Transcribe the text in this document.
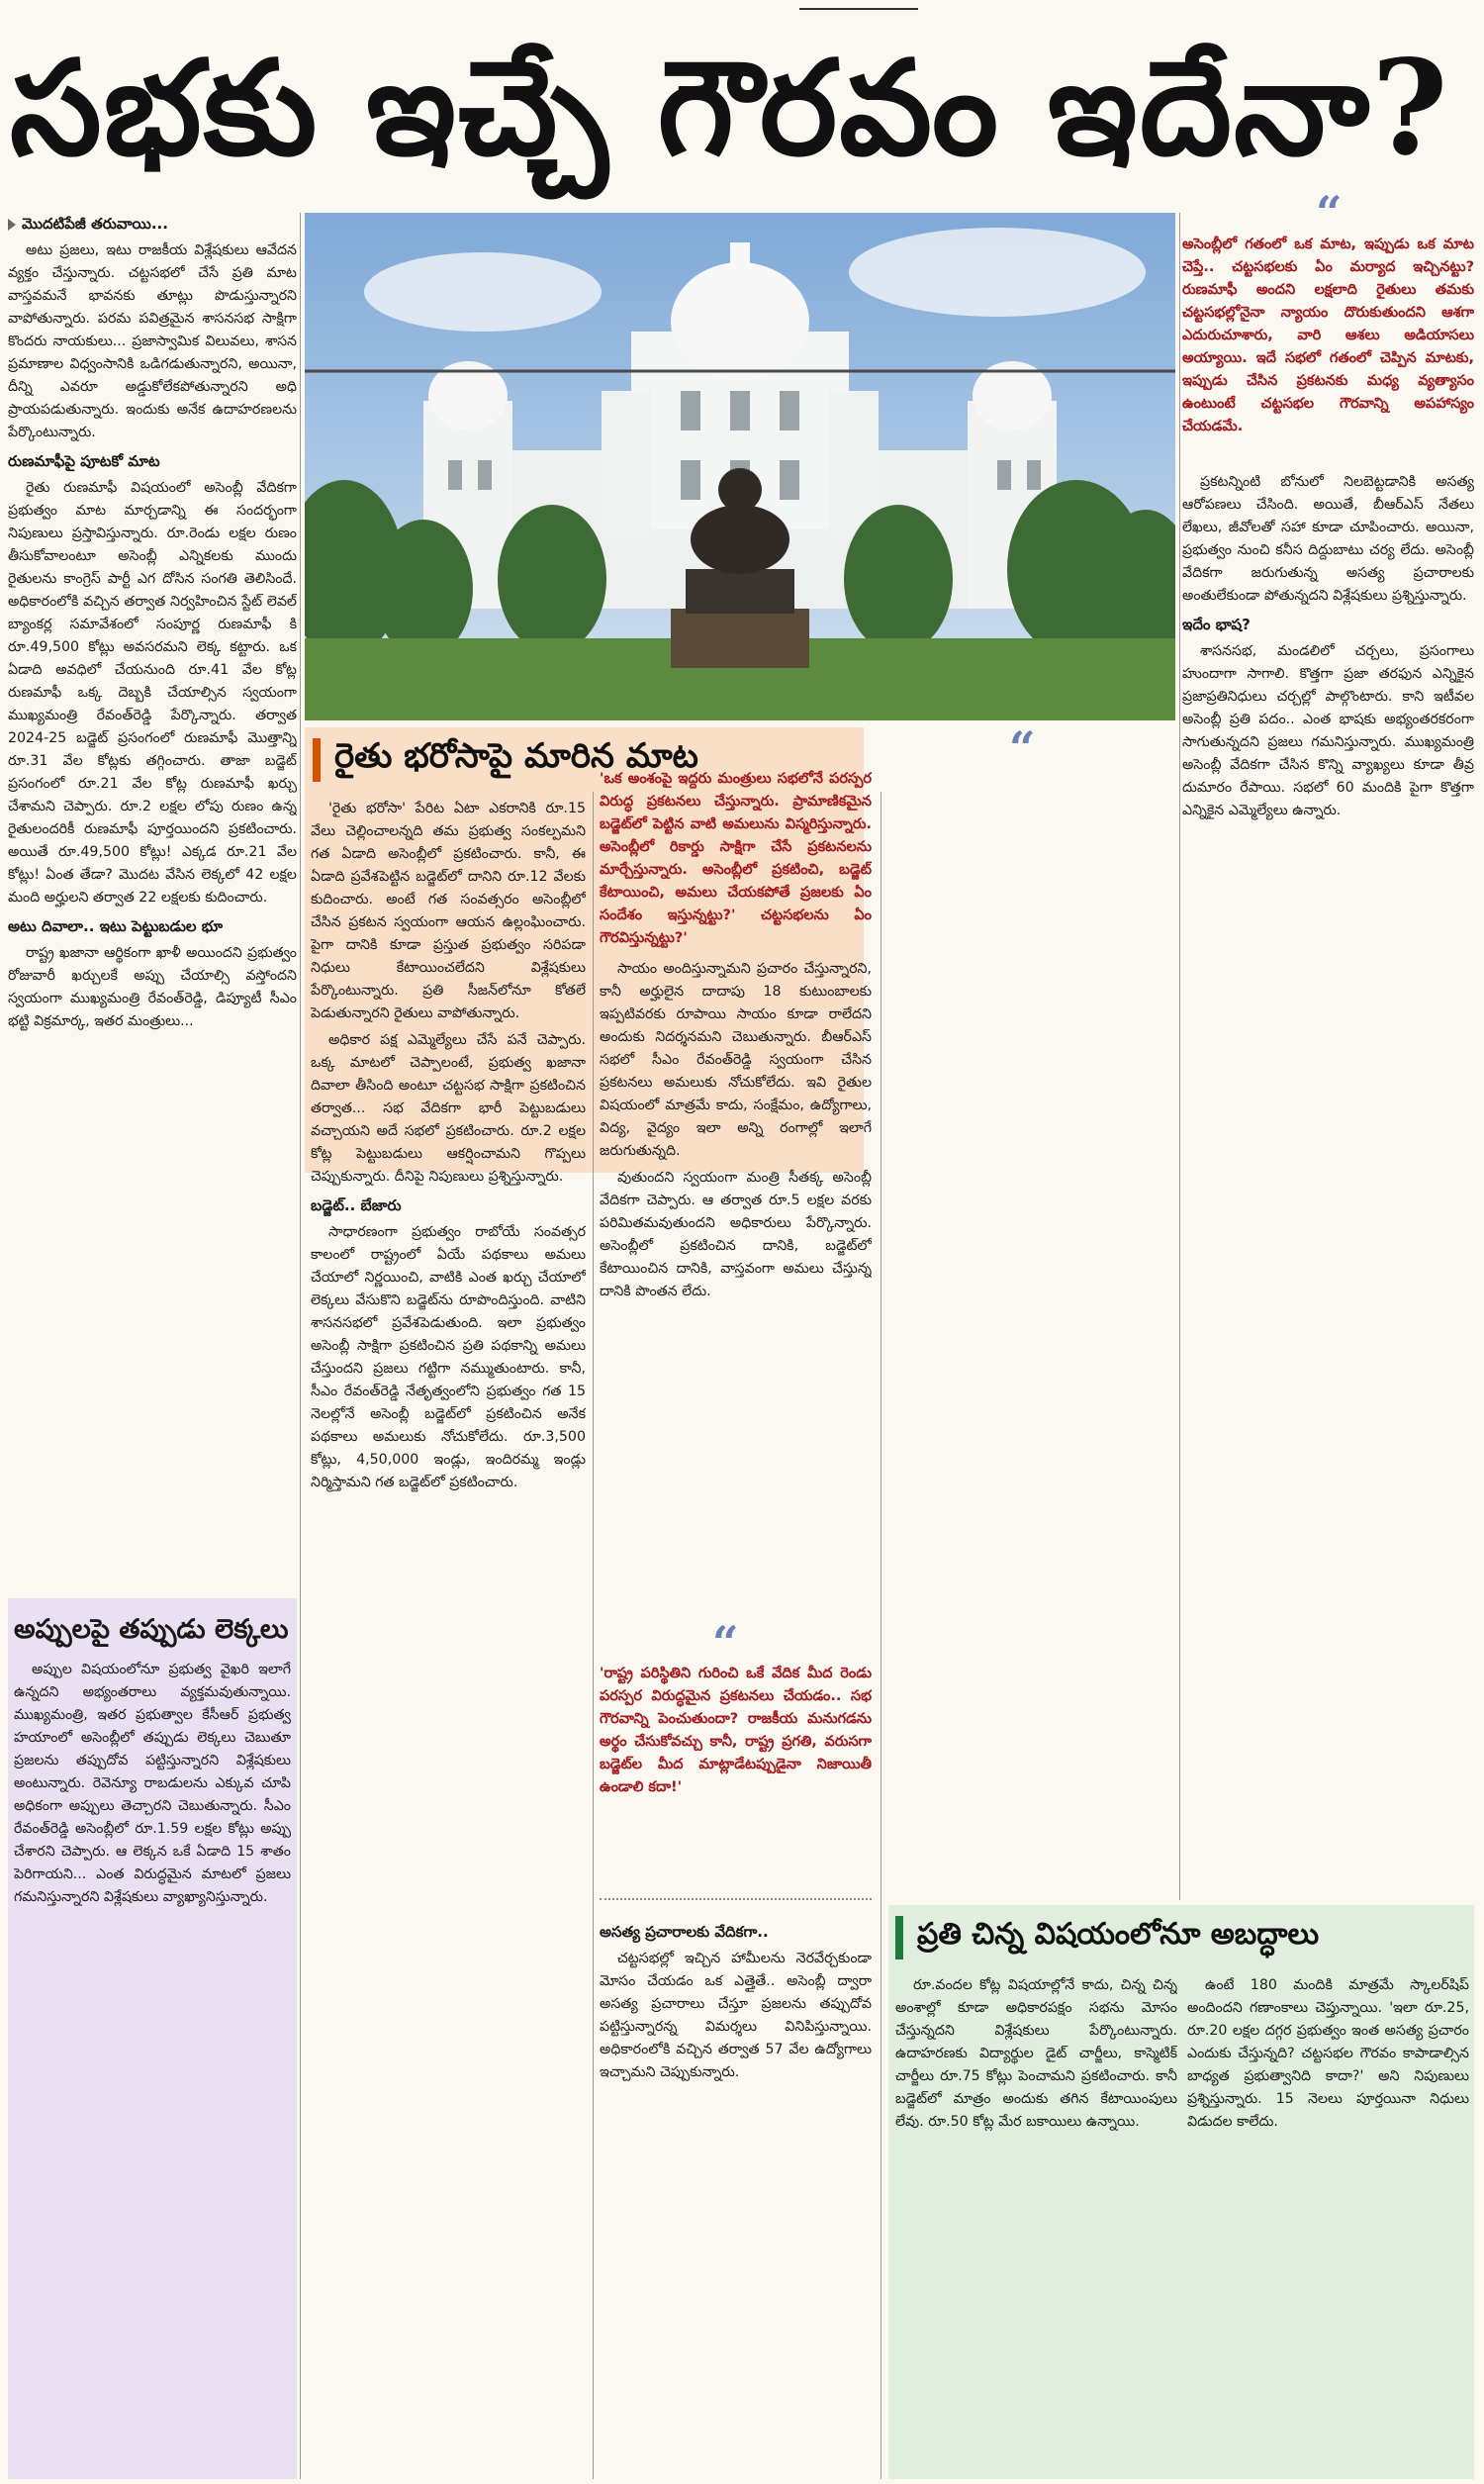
సభకు ఇచ్చే గౌరవం ఇదేనా?
మొదటిపేజీ తరువాయి...

అటు ప్రజలు, ఇటు రాజకీయ విశ్లేషకులు ఆవేదన వ్యక్తం చేస్తున్నారు. చట్టసభలో చేసే ప్రతి మాట వాస్తవమనే భావనకు తూట్లు పొడుస్తున్నారని వాపోతున్నారు. పరమ పవిత్రమైన శాసనసభ సాక్షిగా కొందరు నాయకులు... ప్రజాస్వామిక విలువలు, శాసన ప్రమాణాల విధ్వంసానికి ఒడిగడుతున్నారని, అయినా, దీన్ని ఎవరూ అడ్డుకోలేకపోతున్నారని అధి ప్రాయపడుతున్నారు. ఇందుకు అనేక ఉదాహరణలను పేర్కొంటున్నారు.

రుణమాఫీపై పూటకో మాట

రైతు రుణమాఫీ విషయంలో అసెంబ్లీ వేదికగా ప్రభుత్వం మాట మార్చడాన్ని ఈ సందర్భంగా నిపుణులు ప్రస్తావిస్తున్నారు. రూ.రెండు లక్షల రుణం తీసుకోవాలంటూ అసెంబ్లీ ఎన్నికలకు ముందు రైతులను కాంగ్రెస్ పార్టీ ఎగ దోసిన సంగతి తెలిసిందే. అధికారంలోకి వచ్చిన తర్వాత నిర్వహించిన స్టేట్ లెవల్ బ్యాంకర్ల సమావేశంలో సంపూర్ణ రుణమాఫీ కి రూ.49,500 కోట్లు అవసరమని లెక్క కట్టారు. ఒక ఏడాది అవధిలో చేయనుంది రూ.41 వేల కోట్ల రుణమాఫీ ఒక్క దెబ్బకి చేయాల్సిన స్వయంగా ముఖ్యమంత్రి రేవంత్‌రెడ్డి పేర్కొన్నారు. తర్వాత 2024-25 బడ్జెట్ ప్రసంగంలో రుణమాఫీ మొత్తాన్ని రూ.31 వేల కోట్లకు తగ్గించారు. తాజా బడ్జెట్ ప్రసంగంలో రూ.21 వేల కోట్ల రుణమాఫీ ఖర్చు చేశామని చెప్పారు. రూ.2 లక్షల లోపు రుణం ఉన్న రైతులందరికీ రుణమాఫీ పూర్తయిందని ప్రకటించారు. అయితే రూ.49,500 కోట్లు! ఎక్కడ రూ.21 వేల కోట్లు! ఏంత తేడా? మొదట వేసిన లెక్కలో 42 లక్షల మంది అర్హులని తర్వాత 22 లక్షలకు కుదించారు.

అటు దివాలా.. ఇటు పెట్టుబడుల భూ

రాష్ట్ర ఖజానా ఆర్థికంగా ఖాళీ అయిందని ప్రభుత్వం రోజువారీ ఖర్చులకే అప్పు చేయాల్సి వస్తోందని స్వయంగా ముఖ్యమంత్రి రేవంత్‌రెడ్డి, డిప్యూటీ సీఎం భట్టి విక్రమార్క, ఇతర మంత్రులు...

అప్పులపై తప్పుడు లెక్కలు

అప్పుల విషయంలోనూ ప్రభుత్వ వైఖరి ఇలాగే ఉన్నదని అభ్యంతరాలు వ్యక్తమవుతున్నాయి. ముఖ్యమంత్రి, ఇతర ప్రభుత్వాల కేసీఆర్ ప్రభుత్వ హయాంలో అసెంబ్లీలో తప్పుడు లెక్కలు చెబుతూ ప్రజలను తప్పుదోవ పట్టిస్తున్నారని విశ్లేషకులు అంటున్నారు. రెవెన్యూ రాబడులను ఎక్కువ చూపి అధికంగా అప్పులు తెచ్చారని చెబుతున్నారు. సీఎం రేవంత్‌రెడ్డి అసెంబ్లీలో రూ.1.59 లక్షల కోట్లు అప్పు చేశారని చెప్పారు. ఆ లెక్కన ఒకే ఏడాది 15 శాతం పెరిగాయని... ఎంత విరుద్ధమైన మాటలో ప్రజలు గమనిస్తున్నారని విశ్లేషకులు వ్యాఖ్యానిస్తున్నారు.

రైతు భరోసాపై మారిన మాట

'రైతు భరోసా' పేరిట ఏటా ఎకరానికి రూ.15 వేలు చెల్లించాలన్నది తమ ప్రభుత్వ సంకల్పమని గత ఏడాది అసెంబ్లీలో ప్రకటించారు. కానీ, ఈ ఏడాది ప్రవేశపెట్టిన బడ్జెట్‌లో దానిని రూ.12 వేలకు కుదించారు. అంటే గత సంవత్సరం అసెంబ్లీలో చేసిన ప్రకటన స్వయంగా ఆయన ఉల్లంఘించారు. పైగా దానికి కూడా ప్రస్తుత ప్రభుత్వం సరిపడా నిధులు కేటాయించలేదని విశ్లేషకులు పేర్కొంటున్నారు. ప్రతి సీజన్‌లోనూ కోతలే పెడుతున్నారని రైతులు వాపోతున్నారు.

అధికార పక్ష ఎమ్మెల్యేలు చేసే పనే చెప్పారు. ఒక్క మాటలో చెప్పాలంటే, ప్రభుత్వ ఖజానా దివాలా తీసింది అంటూ చట్టసభ సాక్షిగా ప్రకటించిన తర్వాత... సభ వేదికగా భారీ పెట్టుబడులు వచ్చాయని అదే సభలో ప్రకటించారు. రూ.2 లక్షల కోట్ల పెట్టుబడులు ఆకర్షించామని గొప్పలు చెప్పుకున్నారు. దీనిపై నిపుణులు ప్రశ్నిస్తున్నారు.

బడ్జెట్.. బేజారు

సాధారణంగా ప్రభుత్వం రాబోయే సంవత్సర కాలంలో రాష్ట్రంలో ఏయే పథకాలు అమలు చేయాలో నిర్ణయించి, వాటికి ఎంత ఖర్చు చేయాలో లెక్కలు వేసుకొని బడ్జెట్‌ను రూపొందిస్తుంది. వాటిని శాసనసభలో ప్రవేశపెడుతుంది. ఇలా ప్రభుత్వం అసెంబ్లీ సాక్షిగా ప్రకటించిన ప్రతి పథకాన్ని అమలు చేస్తుందని ప్రజలు గట్టిగా నమ్ముతుంటారు. కానీ, సీఎం రేవంత్‌రెడ్డి నేతృత్వంలోని ప్రభుత్వం గత 15 నెలల్లోనే అసెంబ్లీ బడ్జెట్‌లో ప్రకటించిన అనేక పథకాలు అమలుకు నోచుకోలేదు. రూ.3,500 కోట్లు, 4,50,000 ఇండ్లు, ఇందిరమ్మ ఇండ్లు నిర్మిస్తామని గత బడ్జెట్‌లో ప్రకటించారు.

“
'ఒక అంశంపై ఇద్దరు మంత్రులు సభలోనే పరస్పర విరుద్ధ ప్రకటనలు చేస్తున్నారు. ప్రామాణికమైన బడ్జెట్‌లో పెట్టిన వాటి అమలును విస్మరిస్తున్నారు. అసెంబ్లీలో రికార్డు సాక్షిగా చేసే ప్రకటనలను మార్చేస్తున్నారు. అసెంబ్లీలో ప్రకటించి, బడ్జెట్ కేటాయించి, అమలు చేయకపోతే ప్రజలకు ఏం సందేశం ఇస్తున్నట్టు?' చట్టసభలను ఏం గౌరవిస్తున్నట్టు?'

సాయం అందిస్తున్నామని ప్రచారం చేస్తున్నారని, కానీ అర్హులైన దాదాపు 18 కుటుంబాలకు ఇప్పటివరకు రూపాయి సాయం కూడా రాలేదని అందుకు నిదర్శనమని చెబుతున్నారు. బీఆర్ఎస్ సభలో సీఎం రేవంత్‌రెడ్డి స్వయంగా చేసిన ప్రకటనలు అమలుకు నోచుకోలేదు. ఇవి రైతుల విషయంలో మాత్రమే కాదు, సంక్షేమం, ఉద్యోగాలు, విద్య, వైద్యం ఇలా అన్ని రంగాల్లో ఇలాగే జరుగుతున్నది.

వుతుందని స్వయంగా మంత్రి సీతక్క అసెంబ్లీ వేదికగా చెప్పారు. ఆ తర్వాత రూ.5 లక్షల వరకు పరిమితమవుతుందని అధికారులు పేర్కొన్నారు. అసెంబ్లీలో ప్రకటించిన దానికి, బడ్జెట్‌లో కేటాయించిన దానికి, వాస్తవంగా అమలు చేస్తున్న దానికి పొంతన లేదు.

“
'రాష్ట్ర పరిస్థితిని గురించి ఒకే వేదిక మీద రెండు పరస్పర విరుద్ధమైన ప్రకటనలు చేయడం.. సభ గౌరవాన్ని పెంచుతుందా? రాజకీయ మనుగడను అర్థం చేసుకోవచ్చు కానీ, రాష్ట్ర ప్రగతి, వరుసగా బడ్జెట్‌ల మీద మాట్లాడేటప్పుడైనా నిజాయితీ ఉండాలి కదా!'
అసత్య ప్రచారాలకు వేదికగా..

చట్టసభల్లో ఇచ్చిన హామీలను నెరవేర్చకుండా మోసం చేయడం ఒక ఎత్తైతే.. అసెంబ్లీ ద్వారా అసత్య ప్రచారాలు చేస్తూ ప్రజలను తప్పుదోవ పట్టిస్తున్నారన్న విమర్శలు వినిపిస్తున్నాయి. అధికారంలోకి వచ్చిన తర్వాత 57 వేల ఉద్యోగాలు ఇచ్చామని చెప్పుకున్నారు.

“
అసెంబ్లీలో గతంలో ఒక మాట, ఇప్పుడు ఒక మాట చెప్తే.. చట్టసభలకు ఏం మర్యాద ఇచ్చినట్టు? రుణమాఫీ అందని లక్షలాది రైతులు తమకు చట్టసభల్లోనైనా న్యాయం దొరుకుతుందని ఆశగా ఎదురుచూశారు, వారి ఆశలు అడియాసలు అయ్యాయి. ఇదే సభలో గతంలో చెప్పిన మాటకు, ఇప్పుడు చేసిన ప్రకటనకు మధ్య వ్యత్యాసం ఉంటుంటే చట్టసభల గౌరవాన్ని అపహాస్యం చేయడమే.

ప్రకటన్నింటి బోనులో నిలబెట్టడానికి అసత్య ఆరోపణలు చేసింది. అయితే, బీఆర్ఎస్ నేతలు లేఖలు, జీవోలతో సహా కూడా చూపించారు. అయినా, ప్రభుత్వం నుంచి కనీస దిద్దుబాటు చర్య లేదు. అసెంబ్లీ వేదికగా జరుగుతున్న అసత్య ప్రచారాలకు అంతులేకుండా పోతున్నదని విశ్లేషకులు ప్రశ్నిస్తున్నారు.

ఇదేం భాష?

శాసనసభ, మండలిలో చర్చలు, ప్రసంగాలు హుందాగా సాగాలి. కొత్తగా ప్రజా తరఫున ఎన్నికైన ప్రజాప్రతినిధులు చర్చల్లో పాల్గొంటారు. కాని ఇటీవల అసెంబ్లీ ప్రతి పదం.. ఎంత భాషకు అభ్యంతరకరంగా సాగుతున్నదని ప్రజలు గమనిస్తున్నారు. ముఖ్యమంత్రి అసెంబ్లీ వేదికగా చేసిన కొన్ని వ్యాఖ్యలు కూడా తీవ్ర దుమారం రేపాయి. సభలో 60 మందికి పైగా కొత్తగా ఎన్నికైన ఎమ్మెల్యేలు ఉన్నారు.

ప్రతి చిన్న విషయంలోనూ అబద్ధాలు

రూ.వందల కోట్ల విషయాల్లోనే కాదు, చిన్న చిన్న అంశాల్లో కూడా అధికారపక్షం సభను మోసం చేస్తున్నదని విశ్లేషకులు పేర్కొంటున్నారు. ఉదాహరణకు విద్యార్థుల డైట్ చార్జీలు, కాస్మెటిక్ చార్జీలు రూ.75 కోట్లు పెంచామని ప్రకటించారు. కానీ బడ్జెట్‌లో మాత్రం అందుకు తగిన కేటాయింపులు లేవు. రూ.50 కోట్ల మేర బకాయిలు ఉన్నాయి.

ఉంటే 180 మందికి మాత్రమే స్కాలర్‌షిప్ అందిందని గణాంకాలు చెప్తున్నాయి. 'ఇలా రూ.25, రూ.20 లక్షల దగ్గర ప్రభుత్వం ఇంత అసత్య ప్రచారం ఎందుకు చేస్తున్నది? చట్టసభల గౌరవం కాపాడాల్సిన బాధ్యత ప్రభుత్వానిది కాదా?' అని నిపుణులు ప్రశ్నిస్తున్నారు. 15 నెలలు పూర్తయినా నిధులు విడుదల కాలేదు.
